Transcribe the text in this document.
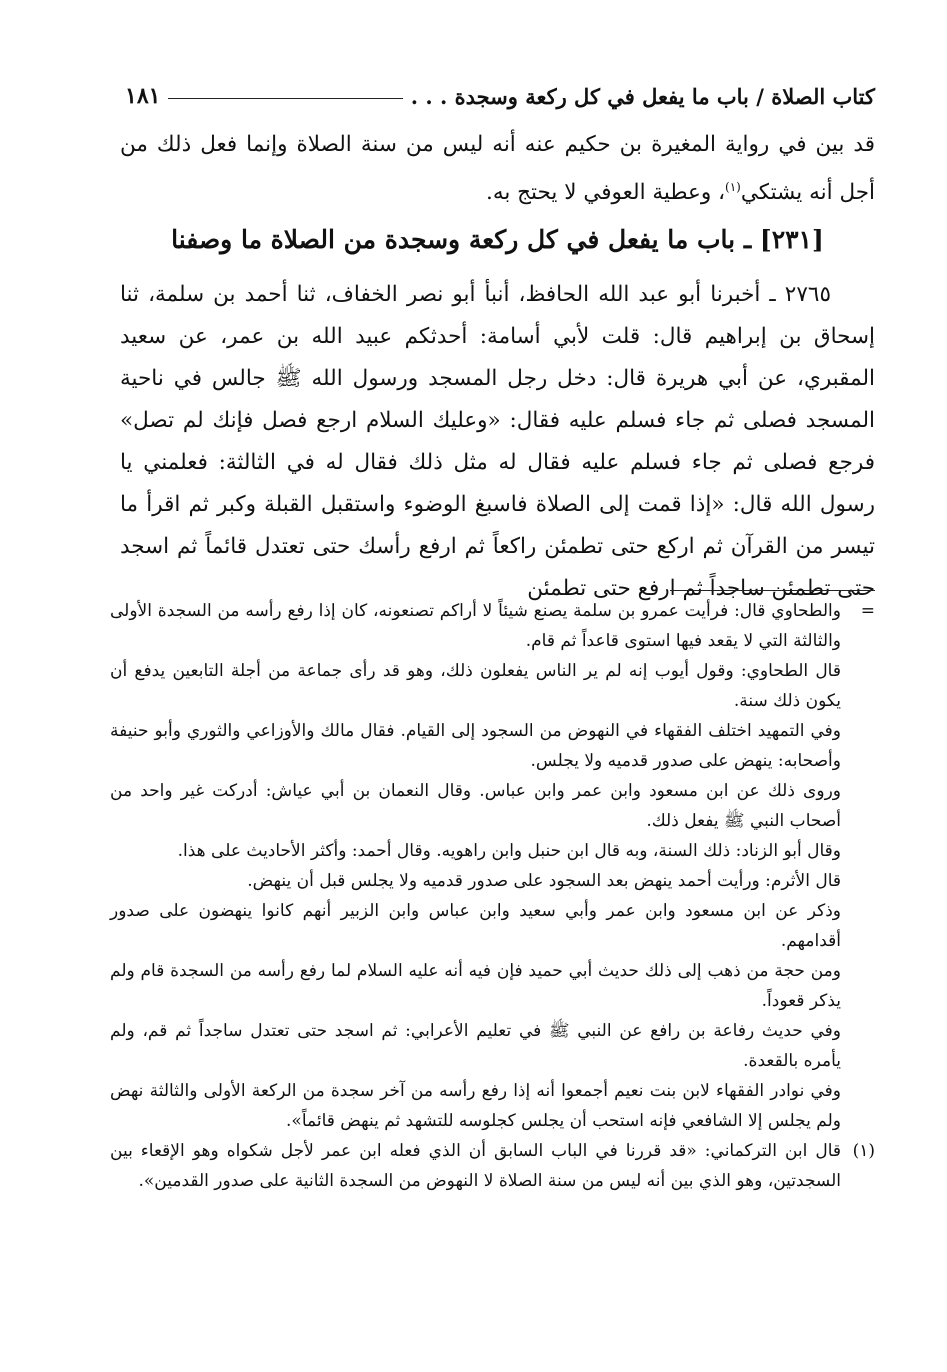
كتاب الصلاة / باب ما يفعل في كل ركعة وسجدة . . .
١٨١

قد بين في رواية المغيرة بن حكيم عنه أنه ليس من سنة الصلاة وإنما فعل ذلك من أجل أنه يشتكي$^{(١)}$، وعطية العوفي لا يحتج به.

[٢٣١] ـ باب ما يفعل في كل ركعة وسجدة من الصلاة ما وصفنا

٢٧٦٥ ـ أخبرنا أبو عبد الله الحافظ، أنبأ أبو نصر الخفاف، ثنا أحمد بن سلمة، ثنا إسحاق بن إبراهيم قال: قلت لأبي أسامة: أحدثكم عبيد الله بن عمر، عن سعيد المقبري، عن أبي هريرة قال: دخل رجل المسجد ورسول الله ﷺ جالس في ناحية المسجد فصلى ثم جاء فسلم عليه فقال: «وعليك السلام ارجع فصل فإنك لم تصل» فرجع فصلى ثم جاء فسلم عليه فقال له مثل ذلك فقال له في الثالثة: فعلمني يا رسول الله قال: «إذا قمت إلى الصلاة فاسبغ الوضوء واستقبل القبلة وكبر ثم اقرأ ما تيسر من القرآن ثم اركع حتى تطمئن راكعاً ثم ارفع رأسك حتى تعتدل قائماً ثم اسجد حتى تطمئن ساجداً ثم ارفع حتى تطمئن

=
والطحاوي قال: فرأيت عمرو بن سلمة يصنع شيئاً لا أراكم تصنعونه، كان إذا رفع رأسه من السجدة الأولى والثالثة التي لا يقعد فيها استوى قاعداً ثم قام.
قال الطحاوي: وقول أيوب إنه لم ير الناس يفعلون ذلك، وهو قد رأى جماعة من أجلة التابعين يدفع أن يكون ذلك سنة.
وفي التمهيد اختلف الفقهاء في النهوض من السجود إلى القيام. فقال مالك والأوزاعي والثوري وأبو حنيفة وأصحابه: ينهض على صدور قدميه ولا يجلس.
وروى ذلك عن ابن مسعود وابن عمر وابن عباس. وقال النعمان بن أبي عياش: أدركت غير واحد من أصحاب النبي ﷺ يفعل ذلك.
وقال أبو الزناد: ذلك السنة، وبه قال ابن حنبل وابن راهويه. وقال أحمد: وأكثر الأحاديث على هذا.
قال الأثرم: ورأيت أحمد ينهض بعد السجود على صدور قدميه ولا يجلس قبل أن ينهض.
وذكر عن ابن مسعود وابن عمر وأبي سعيد وابن عباس وابن الزبير أنهم كانوا ينهضون على صدور أقدامهم.
ومن حجة من ذهب إلى ذلك حديث أبي حميد فإن فيه أنه عليه السلام لما رفع رأسه من السجدة قام ولم يذكر قعوداً.
وفي حديث رفاعة بن رافع عن النبي ﷺ في تعليم الأعرابي: ثم اسجد حتى تعتدل ساجداً ثم قم، ولم يأمره بالقعدة.
وفي نوادر الفقهاء لابن بنت نعيم أجمعوا أنه إذا رفع رأسه من آخر سجدة من الركعة الأولى والثالثة نهض ولم يجلس إلا الشافعي فإنه استحب أن يجلس كجلوسه للتشهد ثم ينهض قائماً».
(١)
قال ابن التركماني: «قد قررنا في الباب السابق أن الذي فعله ابن عمر لأجل شكواه وهو الإقعاء بين السجدتين، وهو الذي بين أنه ليس من سنة الصلاة لا النهوض من السجدة الثانية على صدور القدمين».
